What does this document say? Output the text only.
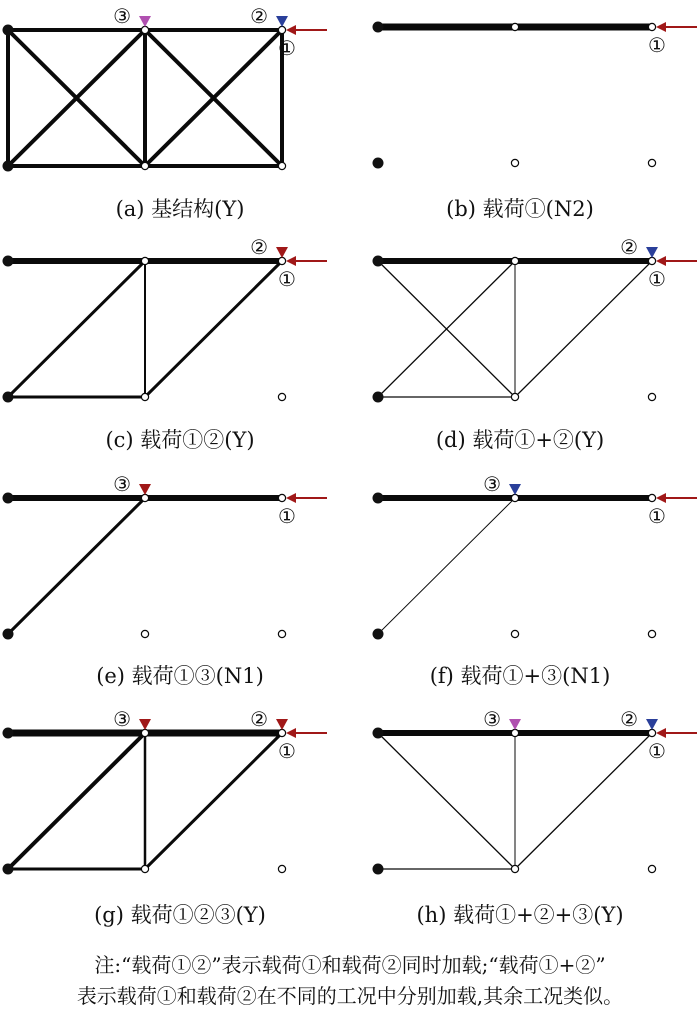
③	②
①	①
②
①
②
①
③
①
③
①
③	②
①
③	②
①
(a) 基结构(Y)	(b) 载荷①(N2)
(c) 载荷①②(Y)	(d) 载荷①+②(Y)
(e) 载荷①③(N1)	(f) 载荷①+③(N1)
(g) 载荷①②③(Y)	(h) 载荷①+②+③(Y)
注:“载荷①②”表示载荷①和载荷②同时加载;“载荷①+②”
表示载荷①和载荷②在不同的工况中分别加载,其余工况类似。
